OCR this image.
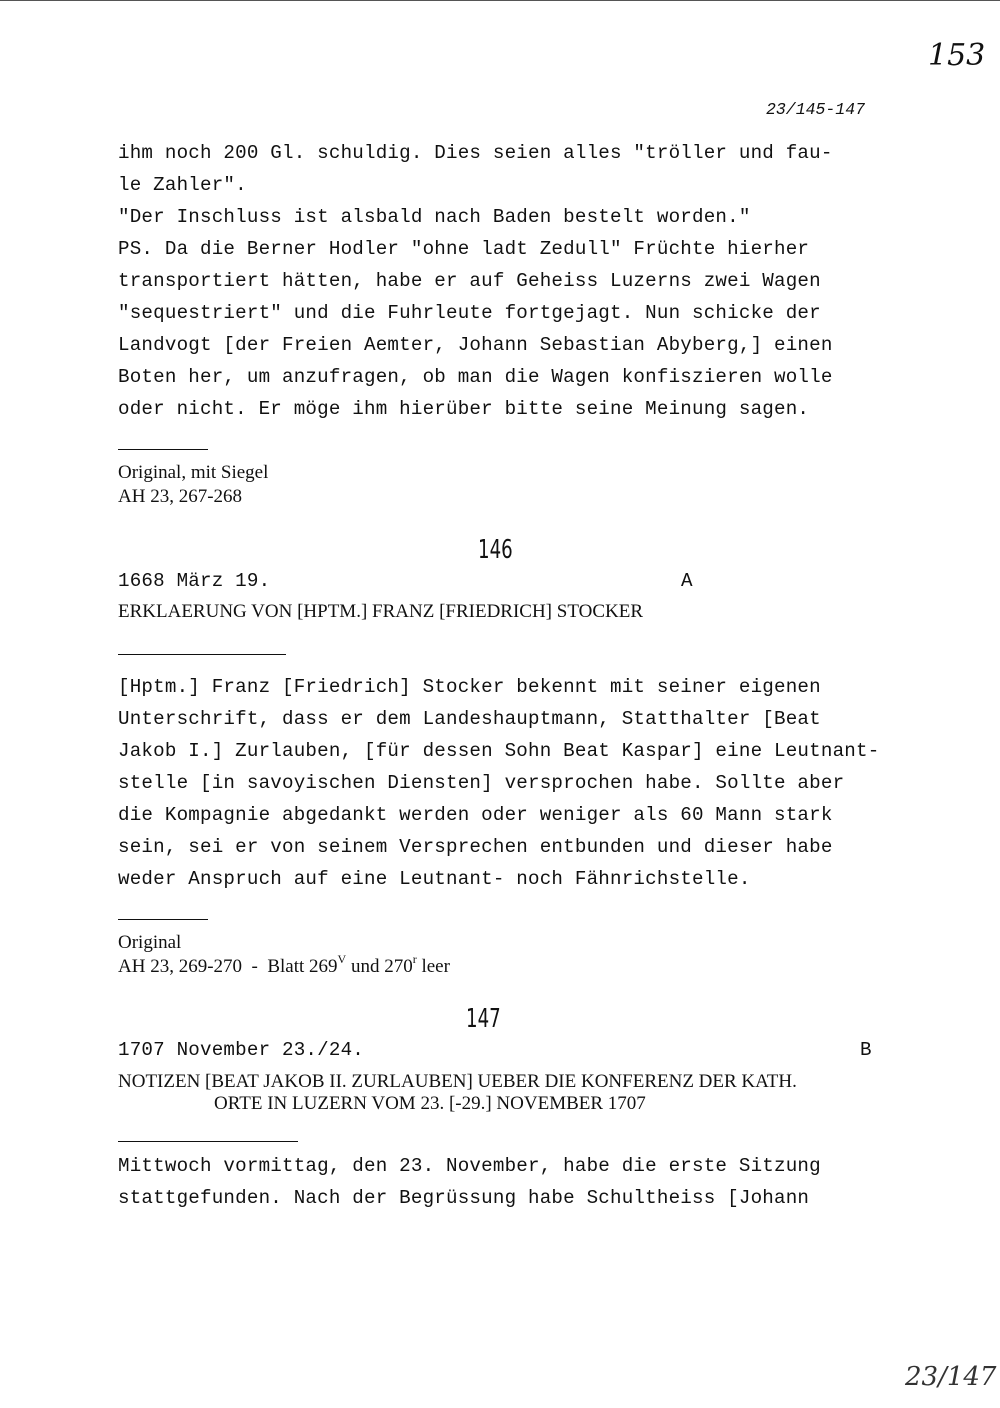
153
23/145-147
ihm noch 200 Gl. schuldig. Dies seien alles "tröller und fau-
le Zahler".
"Der Inschluss ist alsbald nach Baden bestelt worden."
PS. Da die Berner Hodler "ohne ladt Zedull" Früchte hierher
transportiert hätten, habe er auf Geheiss Luzerns zwei Wagen
"sequestriert" und die Fuhrleute fortgejagt. Nun schicke der
Landvogt [der Freien Aemter, Johann Sebastian Abyberg,] einen
Boten her, um anzufragen, ob man die Wagen konfiszieren wolle
oder nicht. Er möge ihm hierüber bitte seine Meinung sagen.
Original, mit Siegel
AH 23, 267-268
146
1668 März 19.	A
ERKLAERUNG VON [HPTM.] FRANZ [FRIEDRICH] STOCKER
[Hptm.] Franz [Friedrich] Stocker bekennt mit seiner eigenen
Unterschrift, dass er dem Landeshauptmann, Statthalter [Beat
Jakob I.] Zurlauben, [für dessen Sohn Beat Kaspar] eine Leutnant-
stelle [in savoyischen Diensten] versprochen habe. Sollte aber
die Kompagnie abgedankt werden oder weniger als 60 Mann stark
sein, sei er von seinem Versprechen entbunden und dieser habe
weder Anspruch auf eine Leutnant- noch Fähnrichstelle.
Original
AH 23, 269-270  -  Blatt $269^V$ und 270$^r$ leer
147
1707 November 23./24.	B
NOTIZEN [BEAT JAKOB II. ZURLAUBEN] UEBER DIE KONFERENZ DER KATH.
ORTE IN LUZERN VOM 23. [-29.] NOVEMBER 1707
Mittwoch vormittag, den 23. November, habe die erste Sitzung
stattgefunden. Nach der Begrüssung habe Schultheiss [Johann
23/147
